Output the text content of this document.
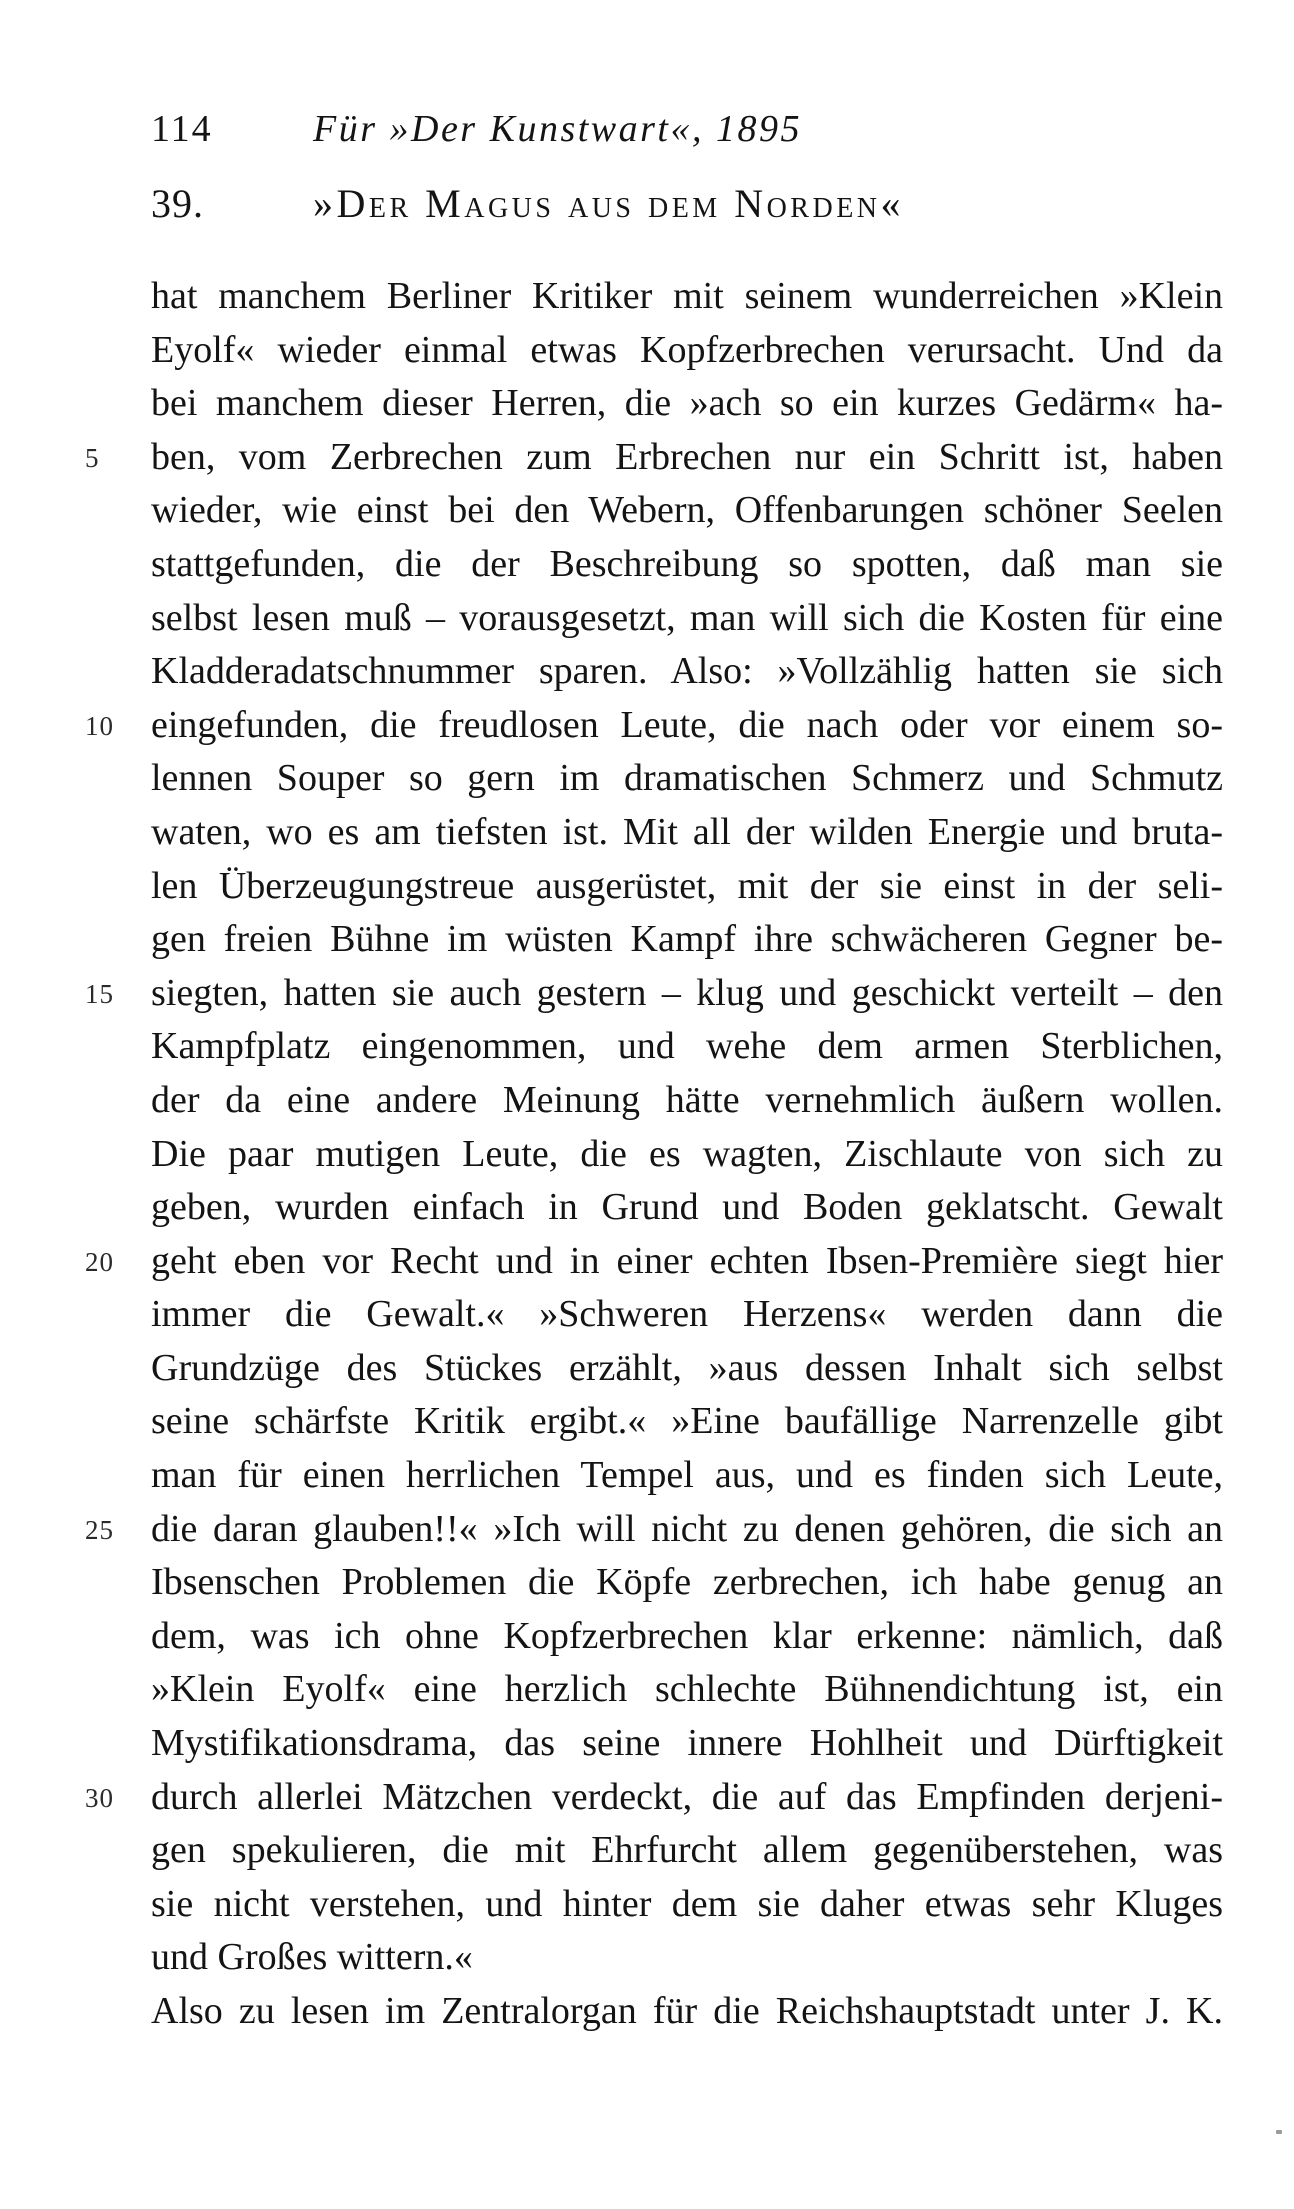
114	Für »Der Kunstwart«, 1895
39.	»Der Magus aus dem Norden«
hat manchem Berliner Kritiker mit seinem wunderreichen »Klein
Eyolf« wieder einmal etwas Kopfzerbrechen verursacht. Und da
bei manchem dieser Herren, die »ach so ein kurzes Gedärm« ha-
5	ben, vom Zerbrechen zum Erbrechen nur ein Schritt ist, haben
wieder, wie einst bei den Webern, Offenbarungen schöner Seelen
stattgefunden, die der Beschreibung so spotten, daß man sie
selbst lesen muß – vorausgesetzt, man will sich die Kosten für eine
Kladderadatschnummer sparen. Also: »Vollzählig hatten sie sich
10 eingefunden, die freudlosen Leute, die nach oder vor einem so-
lennen Souper so gern im dramatischen Schmerz und Schmutz
waten, wo es am tiefsten ist. Mit all der wilden Energie und bruta-
len Überzeugungstreue ausgerüstet, mit der sie einst in der seli-
gen freien Bühne im wüsten Kampf ihre schwächeren Gegner be-
15 siegten, hatten sie auch gestern – klug und geschickt verteilt – den
Kampfplatz eingenommen, und wehe dem armen Sterblichen,
der da eine andere Meinung hätte vernehmlich äußern wollen.
Die paar mutigen Leute, die es wagten, Zischlaute von sich zu
geben, wurden einfach in Grund und Boden geklatscht. Gewalt
20 geht eben vor Recht und in einer echten Ibsen-Première siegt hier
immer die Gewalt.« »Schweren Herzens« werden dann die
Grundzüge des Stückes erzählt, »aus dessen Inhalt sich selbst
seine schärfste Kritik ergibt.« »Eine baufällige Narrenzelle gibt
man für einen herrlichen Tempel aus, und es finden sich Leute,
25 die daran glauben!!« »Ich will nicht zu denen gehören, die sich an
Ibsenschen Problemen die Köpfe zerbrechen, ich habe genug an
dem, was ich ohne Kopfzerbrechen klar erkenne: nämlich, daß
»Klein Eyolf« eine herzlich schlechte Bühnendichtung ist, ein
Mystifikationsdrama, das seine innere Hohlheit und Dürftigkeit
30 durch allerlei Mätzchen verdeckt, die auf das Empfinden derjeni-
gen spekulieren, die mit Ehrfurcht allem gegenüberstehen, was
sie nicht verstehen, und hinter dem sie daher etwas sehr Kluges
und Großes wittern.«
Also zu lesen im Zentralorgan für die Reichshauptstadt unter J. K.
